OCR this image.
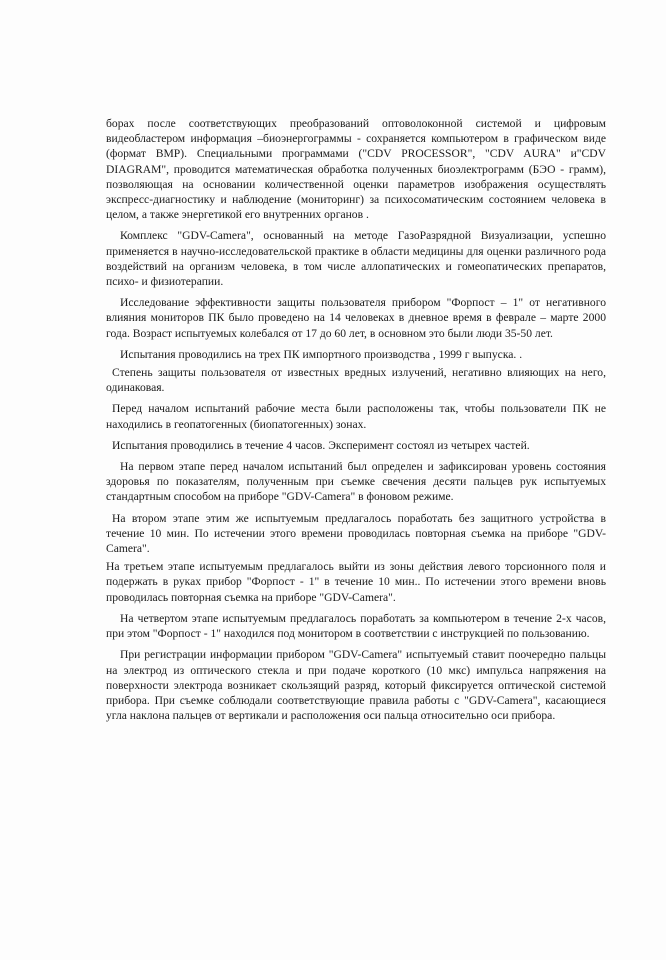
борах после соответствующих преобразований оптоволоконной системой и цифровым видеобластером информация –биоэнергограммы - сохраняется компьютером в графическом виде (формат BMP). Специальными программами ("CDV PROCESSOR", "CDV AURA" и"CDV DIAGRAM", проводится математическая обработка полученных биоэлектрограмм (БЭО - грамм), позволяющая на основании количественной оценки параметров изображения осуществлять экспресс-диагностику и наблюдение (мониторинг) за психосоматическим состоянием человека в целом, а также энергетикой его внутренних органов .

Комплекс "GDV-Camera", основанный на методе ГазоРазрядной Визуализации, успешно применяется в научно-исследовательской практике в области медицины для оценки различного рода воздействий на организм человека, в том числе аллопатических и гомеопатических препаратов, психо- и физиотерапии.

Исследование эффективности защиты пользователя прибором "Форпост – 1" от негативного влияния мониторов ПК было проведено на 14 человеках в дневное время в феврале – марте 2000 года. Возраст испытуемых колебался от 17 до 60 лет, в основном это были люди 35-50 лет.

Испытания проводились на трех ПК импортного производства , 1999 г выпуска. .

Степень защиты пользователя от известных вредных излучений, негативно влияющих на него, одинаковая.

Перед началом испытаний рабочие места были расположены так, чтобы пользователи ПК не находились в геопатогенных (биопатогенных) зонах.

Испытания проводились в течение 4 часов. Эксперимент состоял из четырех частей.

На первом этапе перед началом испытаний был определен и зафиксирован уровень состояния здоровья по показателям, полученным при съемке свечения десяти пальцев рук испытуемых стандартным способом на приборе "GDV-Camera" в фоновом режиме.

На втором этапе этим же испытуемым предлагалось поработать без защитного устройства в течение 10 мин. По истечении этого времени проводилась повторная съемка на приборе "GDV-Camera".

На третьем этапе испытуемым предлагалось выйти из зоны действия левого торсионного поля и подержать в руках прибор "Форпост - 1" в течение 10 мин.. По истечении этого времени вновь проводилась повторная съемка на приборе "GDV-Camera".

На четвертом этапе испытуемым предлагалось поработать за компьютером в течение 2-х часов, при этом "Форпост - 1" находился под монитором в соответствии с инструкцией по пользованию.

При регистрации информации прибором "GDV-Camera" испытуемый ставит поочередно пальцы на электрод из оптического стекла и при подаче короткого (10 мкс) импульса напряжения на поверхности электрода возникает скользящий разряд, который фиксируется оптической системой прибора. При съемке соблюдали соответствующие правила работы с "GDV-Camera", касающиеся угла наклона пальцев от вертикали и расположения оси пальца относительно оси прибора.
